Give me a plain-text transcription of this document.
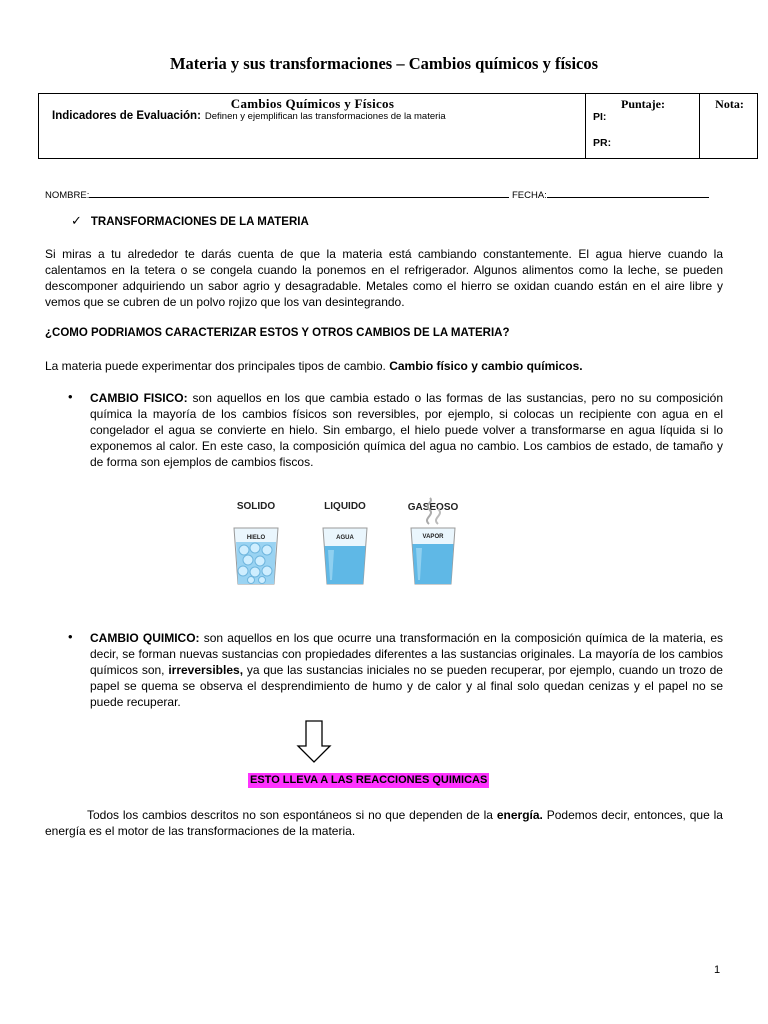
Materia y sus transformaciones – Cambios químicos y físicos
Cambios Químicos y Físicos
Indicadores de Evaluación: Definen y ejemplifican las transformaciones de la materia
Puntaje:
PI:
PR:
Nota:
NOMBRE:	FECHA:
✓ TRANSFORMACIONES DE LA MATERIA
Si miras a tu alrededor te darás cuenta de que la materia está cambiando constantemente. El agua hierve cuando la calentamos en la tetera o se congela cuando la ponemos en el refrigerador. Algunos alimentos como la leche, se pueden descomponer adquiriendo un sabor agrio y desagradable. Metales como el hierro se oxidan cuando están en el aire libre y vemos que se cubren de un polvo rojizo que los van desintegrando.
¿COMO PODRIAMOS CARACTERIZAR ESTOS Y OTROS CAMBIOS DE LA MATERIA?
La materia puede experimentar dos principales tipos de cambio. Cambio físico y cambio químicos.
• CAMBIO FISICO: son aquellos en los que cambia estado o las formas de las sustancias, pero no su composición química la mayoría de los cambios físicos son reversibles, por ejemplo, si colocas un recipiente con agua en el congelador el agua se convierte en hielo. Sin embargo, el hielo puede volver a transformarse en agua líquida si lo exponemos al calor. En este caso, la composición química del agua no cambio. Los cambios de estado, de tamaño y de forma son ejemplos de cambios fiscos.
SOLIDO	LIQUIDO	GASEOSO
HIELO	AGUA	VAPOR
• CAMBIO QUIMICO: son aquellos en los que ocurre una transformación en la composición química de la materia, es decir, se forman nuevas sustancias con propiedades diferentes a las sustancias originales. La mayoría de los cambios químicos son, irreversibles, ya que las sustancias iniciales no se pueden recuperar, por ejemplo, cuando un trozo de papel se quema se observa el desprendimiento de humo y de calor y al final solo quedan cenizas y el papel no se puede recuperar.
ESTO LLEVA A LAS REACCIONES QUIMICAS
Todos los cambios descritos no son espontáneos si no que dependen de la energía. Podemos decir, entonces, que la energía es el motor de las transformaciones de la materia.
1
